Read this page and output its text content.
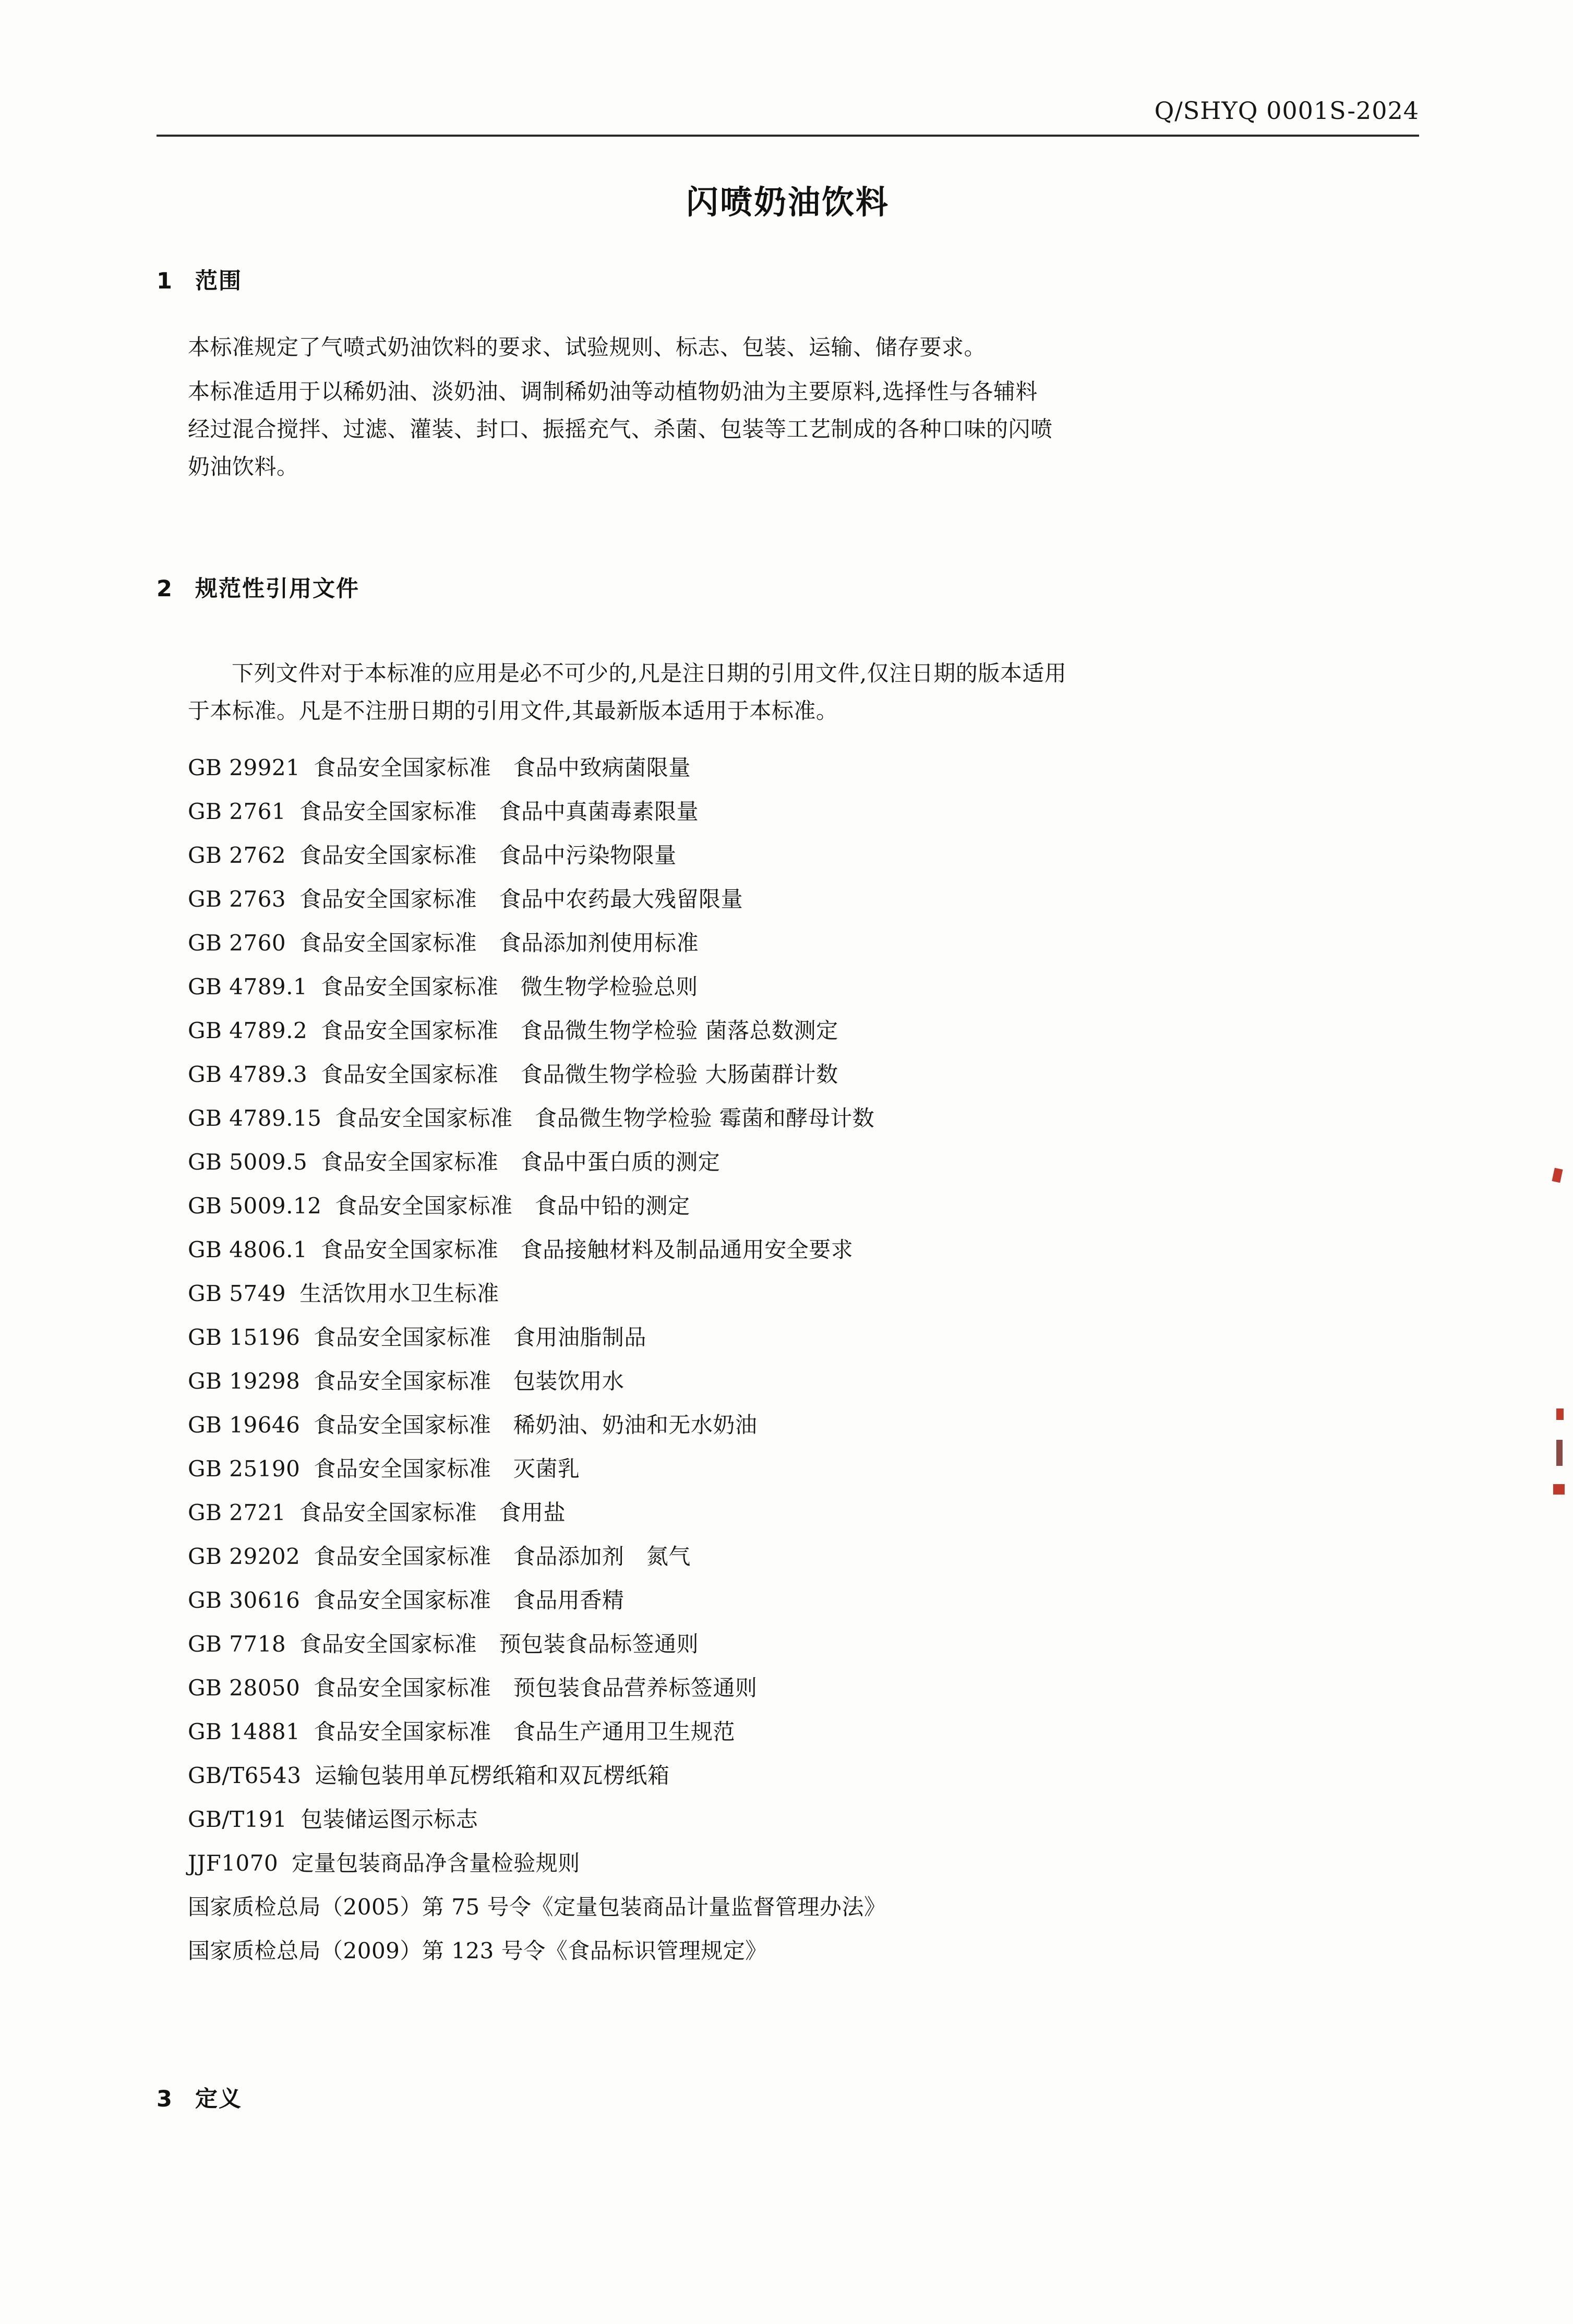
Q/SHYQ 0001S-2024
闪喷奶油饮料
1 范围
本标准规定了气喷式奶油饮料的要求、试验规则、标志、包装、运输、储存要求。
本标准适用于以稀奶油、淡奶油、调制稀奶油等动植物奶油为主要原料,选择性与各辅料
经过混合搅拌、过滤、灌装、封口、振摇充气、杀菌、包装等工艺制成的各种口味的闪喷
奶油饮料。
2 规范性引用文件
下列文件对于本标准的应用是必不可少的,凡是注日期的引用文件,仅注日期的版本适用
于本标准。凡是不注册日期的引用文件,其最新版本适用于本标准。
GB 29921 食品安全国家标准　食品中致病菌限量
GB 2761 食品安全国家标准　食品中真菌毒素限量
GB 2762 食品安全国家标准　食品中污染物限量
GB 2763 食品安全国家标准　食品中农药最大残留限量
GB 2760 食品安全国家标准　食品添加剂使用标准
GB 4789.1 食品安全国家标准　微生物学检验总则
GB 4789.2 食品安全国家标准　食品微生物学检验 菌落总数测定
GB 4789.3 食品安全国家标准　食品微生物学检验 大肠菌群计数
GB 4789.15 食品安全国家标准　食品微生物学检验 霉菌和酵母计数
GB 5009.5 食品安全国家标准　食品中蛋白质的测定
GB 5009.12 食品安全国家标准　食品中铅的测定
GB 4806.1 食品安全国家标准　食品接触材料及制品通用安全要求
GB 5749 生活饮用水卫生标准
GB 15196 食品安全国家标准　食用油脂制品
GB 19298 食品安全国家标准　包装饮用水
GB 19646 食品安全国家标准　稀奶油、奶油和无水奶油
GB 25190 食品安全国家标准　灭菌乳
GB 2721 食品安全国家标准　食用盐
GB 29202 食品安全国家标准　食品添加剂　氮气
GB 30616 食品安全国家标准　食品用香精
GB 7718 食品安全国家标准　预包装食品标签通则
GB 28050 食品安全国家标准　预包装食品营养标签通则
GB 14881 食品安全国家标准　食品生产通用卫生规范
GB/T6543 运输包装用单瓦楞纸箱和双瓦楞纸箱
GB/T191 包装储运图示标志
JJF1070 定量包装商品净含量检验规则
国家质检总局（2005）第 75 号令《定量包装商品计量监督管理办法》
国家质检总局（2009）第 123 号令《食品标识管理规定》
3 定义
